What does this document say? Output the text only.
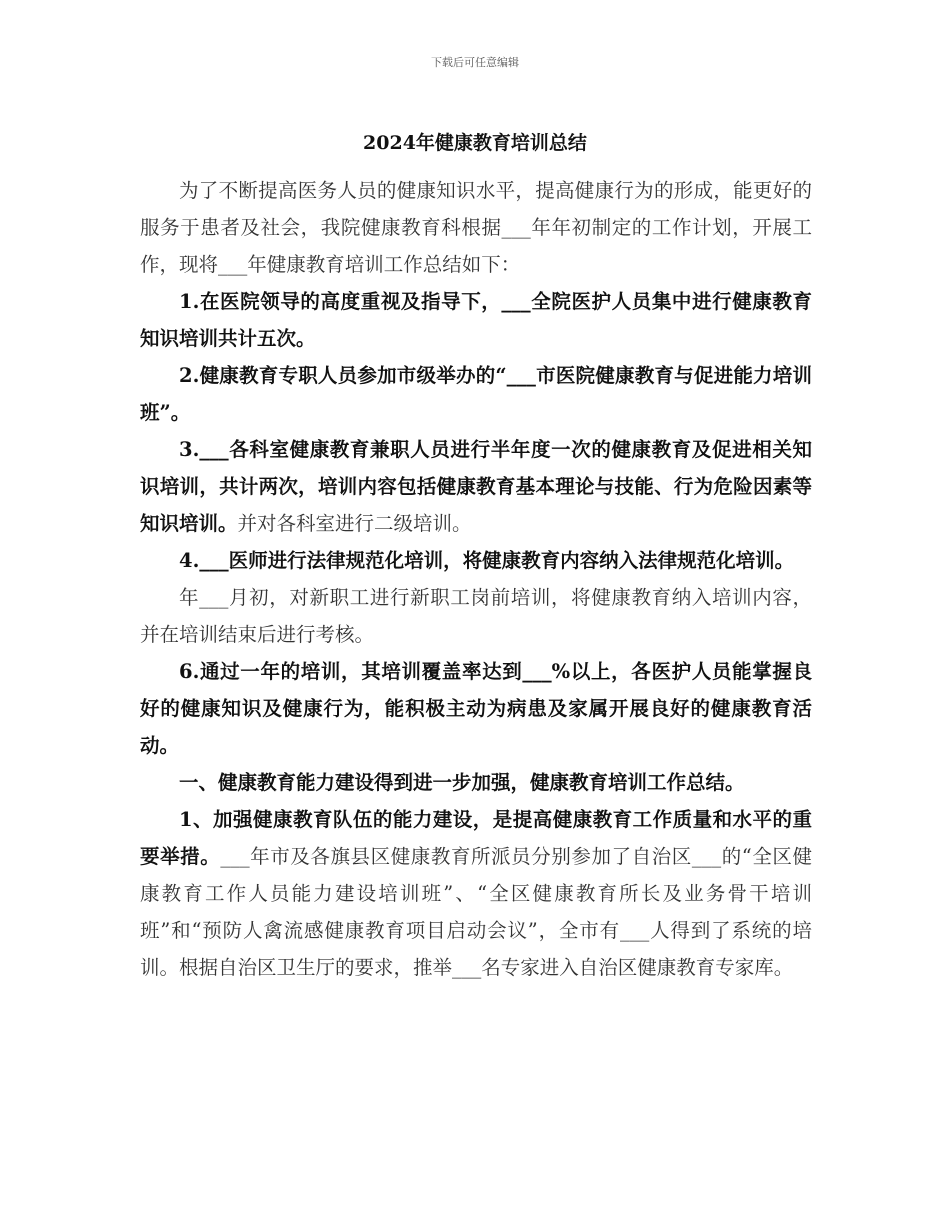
下载后可任意编辑
2024年健康教育培训总结

为了不断提高医务人员的健康知识水平，提高健康行为的形成，能更好的服务于患者及社会，我院健康教育科根据___年年初制定的工作计划，开展工作，现将___年健康教育培训工作总结如下：

1.在医院领导的高度重视及指导下，___全院医护人员集中进行健康教育知识培训共计五次。

2.健康教育专职人员参加市级举办的“___市医院健康教育与促进能力培训班”。

3.___各科室健康教育兼职人员进行半年度一次的健康教育及促进相关知识培训，共计两次，培训内容包括健康教育基本理论与技能、行为危险因素等知识培训。并对各科室进行二级培训。

4.___医师进行法律规范化培训，将健康教育内容纳入法律规范化培训。

年___月初，对新职工进行新职工岗前培训，将健康教育纳入培训内容，并在培训结束后进行考核。

6.通过一年的培训，其培训覆盖率达到___%以上，各医护人员能掌握良好的健康知识及健康行为，能积极主动为病患及家属开展良好的健康教育活动。

一、健康教育能力建设得到进一步加强，健康教育培训工作总结。

1、加强健康教育队伍的能力建设，是提高健康教育工作质量和水平的重要举措。___年市及各旗县区健康教育所派员分别参加了自治区___的“全区健康教育工作人员能力建设培训班”、“全区健康教育所长及业务骨干培训班”和“预防人禽流感健康教育项目启动会议”，全市有___人得到了系统的培训。根据自治区卫生厅的要求，推举___名专家进入自治区健康教育专家库。
